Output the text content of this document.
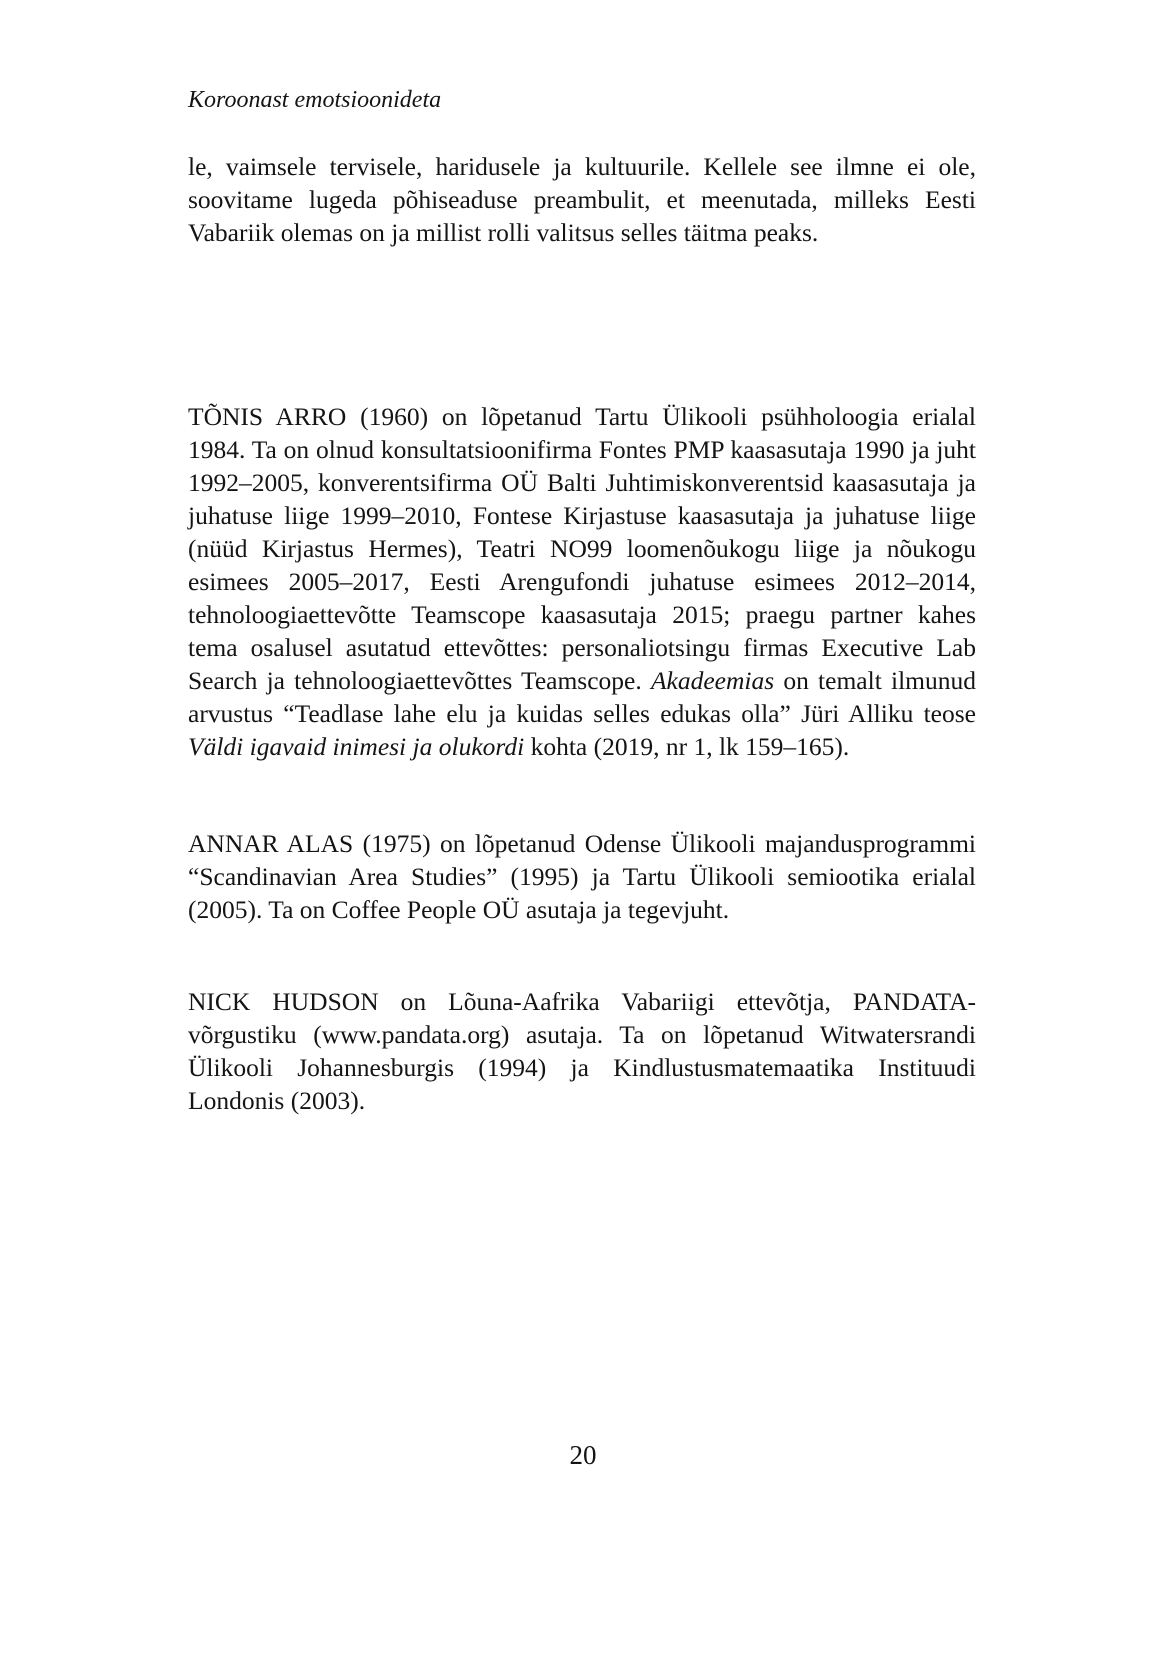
Koroonast emotsioonideta

le, vaimsele tervisele, haridusele ja kultuurile. Kellele see ilmne ei ole, soovitame lugeda põhiseaduse preambulit, et meenutada, milleks Eesti Vabariik olemas on ja millist rolli valitsus selles täitma peaks.

TÕNIS ARRO (1960) on lõpetanud Tartu Ülikooli psühholoogia erialal 1984. Ta on olnud konsultatsioonifirma Fontes PMP kaasasutaja 1990 ja juht 1992–2005, konverentsifirma OÜ Balti Juhtimiskonverentsid kaasasutaja ja juhatuse liige 1999–2010, Fontese Kirjastuse kaasasutaja ja juhatuse liige (nüüd Kirjastus Hermes), Teatri NO99 loomenõukogu liige ja nõukogu esimees 2005–2017, Eesti Arengufondi juhatuse esimees 2012–2014, tehnoloogiaettevõtte Teamscope kaasasutaja 2015; praegu partner kahes tema osalusel asutatud ettevõttes: personaliotsingu firmas Executive Lab Search ja tehnoloogiaettevõttes Teamscope. Akadeemias on temalt ilmunud arvustus “Teadlase lahe elu ja kuidas selles edukas olla” Jüri Alliku teose Väldi igavaid inimesi ja olukordi kohta (2019, nr 1, lk 159–165).

ANNAR ALAS (1975) on lõpetanud Odense Ülikooli majandusprogrammi “Scandinavian Area Studies” (1995) ja Tartu Ülikooli semiootika erialal (2005). Ta on Coffee People OÜ asutaja ja tegevjuht.

NICK HUDSON on Lõuna-Aafrika Vabariigi ettevõtja, PANDATA-​võrgustiku (www.pandata.org) asutaja. Ta on lõpetanud Witwatersrandi Ülikooli Johannesburgis (1994) ja Kindlustusmatemaatika Instituudi Londonis (2003).

20
